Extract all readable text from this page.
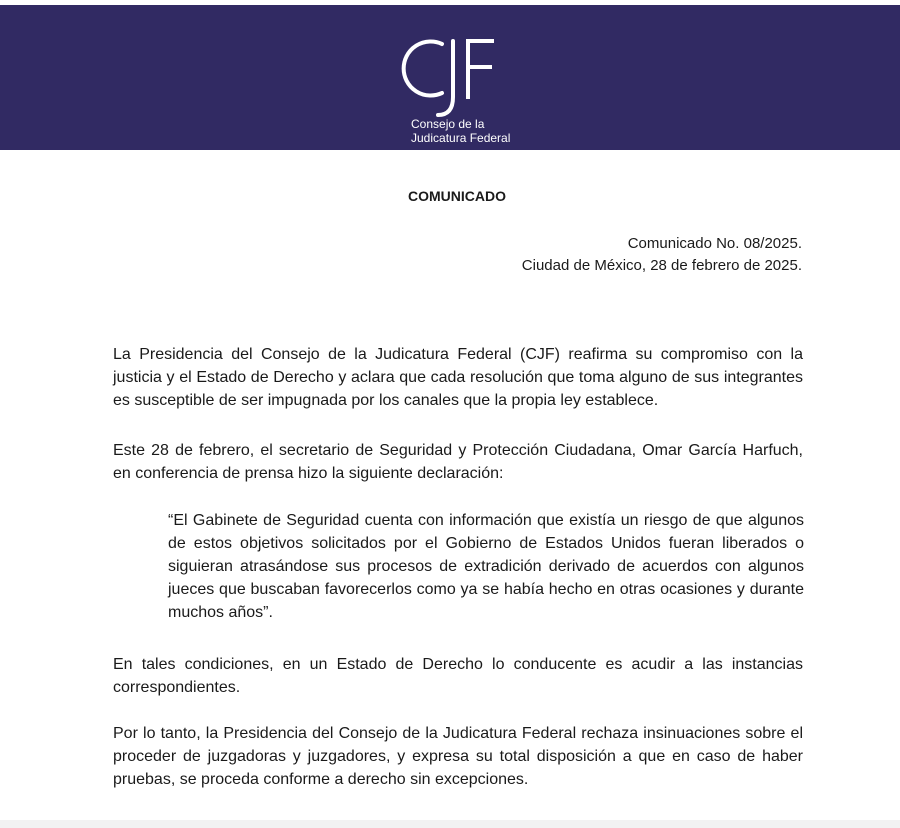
Consejo de la
Judicatura Federal
COMUNICADO
Comunicado No. 08/2025.
Ciudad de México, 28 de febrero de 2025.

La Presidencia del Consejo de la Judicatura Federal (CJF) reafirma su compromiso con la justicia y el Estado de Derecho y aclara que cada resolución que toma alguno de sus integrantes es susceptible de ser impugnada por los canales que la propia ley establece.

Este 28 de febrero, el secretario de Seguridad y Protección Ciudadana, Omar García Harfuch, en conferencia de prensa hizo la siguiente declaración:

“El Gabinete de Seguridad cuenta con información que existía un riesgo de que algunos de estos objetivos solicitados por el Gobierno de Estados Unidos fueran liberados o siguieran atrasándose sus procesos de extradición derivado de acuerdos con algunos jueces que buscaban favorecerlos como ya se había hecho en otras ocasiones y durante muchos años”.

En tales condiciones, en un Estado de Derecho lo conducente es acudir a las instancias correspondientes.

Por lo tanto, la Presidencia del Consejo de la Judicatura Federal rechaza insinuaciones sobre el proceder de juzgadoras y juzgadores, y expresa su total disposición a que en caso de haber pruebas, se proceda conforme a derecho sin excepciones.
